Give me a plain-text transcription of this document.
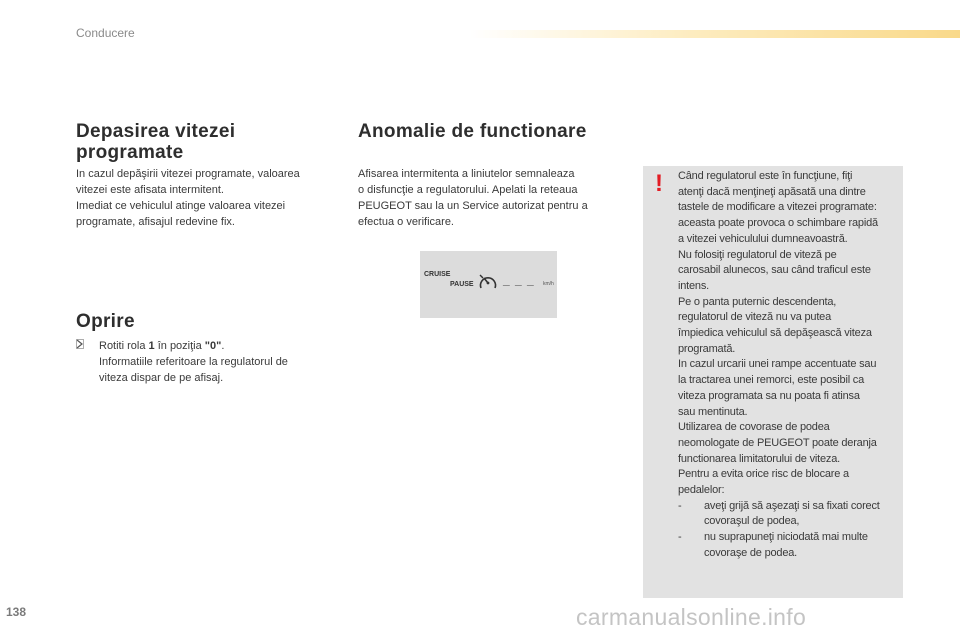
Conducere
Depasirea vitezei
programate

In cazul depăşirii vitezei programate, valoarea

vitezei este afisata intermitent.

Imediat ce vehiculul atinge valoarea vitezei

programate, afisajul redevine fix.

Oprire
Rotiti rola 1 în poziţia "0".
Informatiile referitoare la regulatorul de
viteza dispar de pe afisaj.
Anomalie de functionare

Afisarea intermitenta a liniutelor semnaleaza

o disfuncţie a regulatorului. Apelati la reteaua

PEUGEOT sau la un Service autorizat pentru a

efectua o verificare.

CRUISE
PAUSE _ _ _ km/h
! Când regulatorul este în funcţiune, fiţi

atenţi dacă menţineţi apăsată una dintre

tastele de modificare a vitezei programate:

aceasta poate provoca o schimbare rapidă

a vitezei vehiculului dumneavoastră.

Nu folosiţi regulatorul de viteză pe

carosabil alunecos, sau când traficul este

intens.

Pe o panta puternic descendenta,

regulatorul de viteză nu va putea

împiedica vehiculul să depăşească viteza

programată.

In cazul urcarii unei rampe accentuate sau

la tractarea unei remorci, este posibil ca

viteza programata sa nu poata fi atinsa

sau mentinuta.

Utilizarea de covorase de podea

neomologate de PEUGEOT poate deranja

functionarea limitatorului de viteza.

Pentru a evita orice risc de blocare a

pedalelor:

- aveţi grijă să aşezaţi si sa fixati corect
covoraşul de podea,
- nu suprapuneţi niciodată mai multe
covoraşe de podea.
138	carmanualsonline.info
